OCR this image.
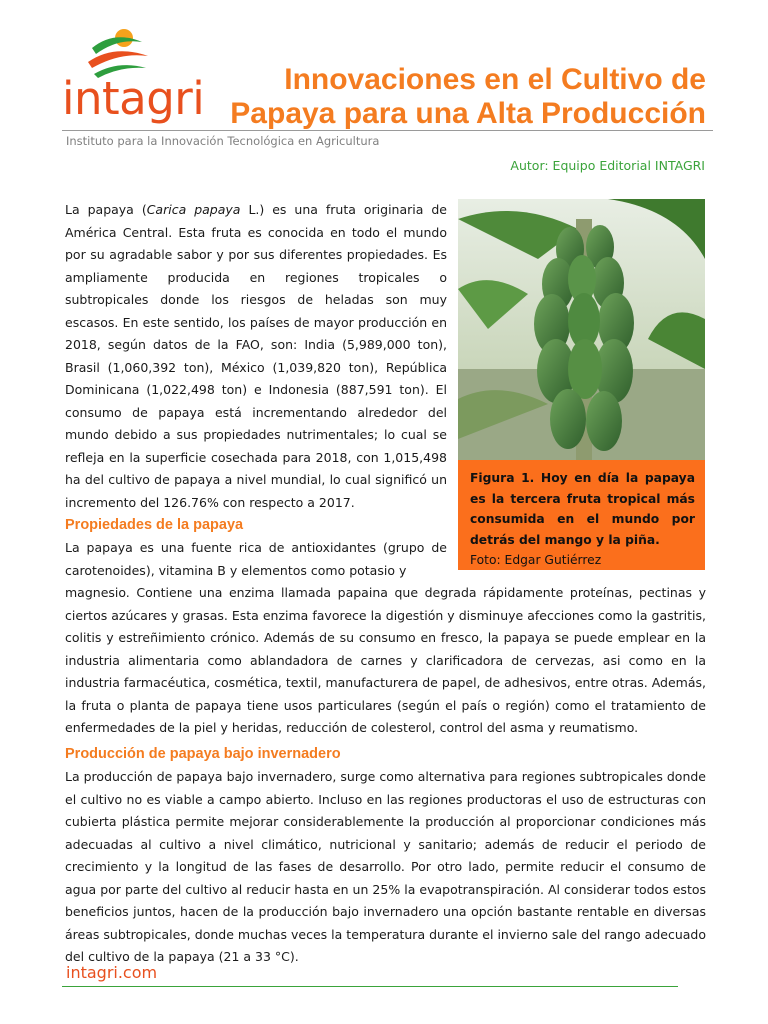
intagri	Innovaciones en el Cultivo de
Papaya para una Alta Producción
Instituto para la Innovación Tecnológica en Agricultura
Autor: Equipo Editorial INTAGRI

La papaya (Carica papaya L.) es una fruta originaria de América Central. Esta fruta es conocida en todo el mundo por su agradable sabor y por sus diferentes propiedades. Es ampliamente producida en regiones tropicales o subtropicales donde los riesgos de heladas son muy escasos. En este sentido, los países de mayor producción en 2018, según datos de la FAO, son: India (5,989,000 ton), Brasil (1,060,392 ton), México (1,039,820 ton), República Dominicana (1,022,498 ton) e Indonesia (887,591 ton). El consumo de papaya está incrementando alrededor del mundo debido a sus propiedades nutrimentales; lo cual se refleja en la superficie cosechada para 2018, con 1,015,498 ha del cultivo de papaya a nivel mundial, lo cual significó un incremento del 126.76% con respecto a 2017.

Figura 1. Hoy en día la papaya es la tercera fruta tropical más consumida en el mundo por detrás del mango y la piña.
Foto: Edgar Gutiérrez
Propiedades de la papaya

La papaya es una fuente rica de antioxidantes (grupo de carotenoides), vitamina B y elementos como potasio y

magnesio. Contiene una enzima llamada papaina que degrada rápidamente proteínas, pectinas y ciertos azúcares y grasas. Esta enzima favorece la digestión y disminuye afecciones como la gastritis, colitis y estreñimiento crónico. Además de su consumo en fresco, la papaya se puede emplear en la industria alimentaria como ablandadora de carnes y clarificadora de cervezas, asi como en la industria farmacéutica, cosmética, textil, manufacturera de papel, de adhesivos, entre otras. Además, la fruta o planta de papaya tiene usos particulares (según el país o región) como el tratamiento de enfermedades de la piel y heridas, reducción de colesterol, control del asma y reumatismo.

Producción de papaya bajo invernadero

La producción de papaya bajo invernadero, surge como alternativa para regiones subtropicales donde el cultivo no es viable a campo abierto. Incluso en las regiones productoras el uso de estructuras con cubierta plástica permite mejorar considerablemente la producción al proporcionar condiciones más adecuadas al cultivo a nivel climático, nutricional y sanitario; además de reducir el periodo de crecimiento y la longitud de las fases de desarrollo. Por otro lado, permite reducir el consumo de agua por parte del cultivo al reducir hasta en un 25% la evapotranspiración. Al considerar todos estos beneficios juntos, hacen de la producción bajo invernadero una opción bastante rentable en diversas áreas subtropicales, donde muchas veces la temperatura durante el invierno sale del rango adecuado del cultivo de la papaya (21 a 33 °C).

intagri.com
